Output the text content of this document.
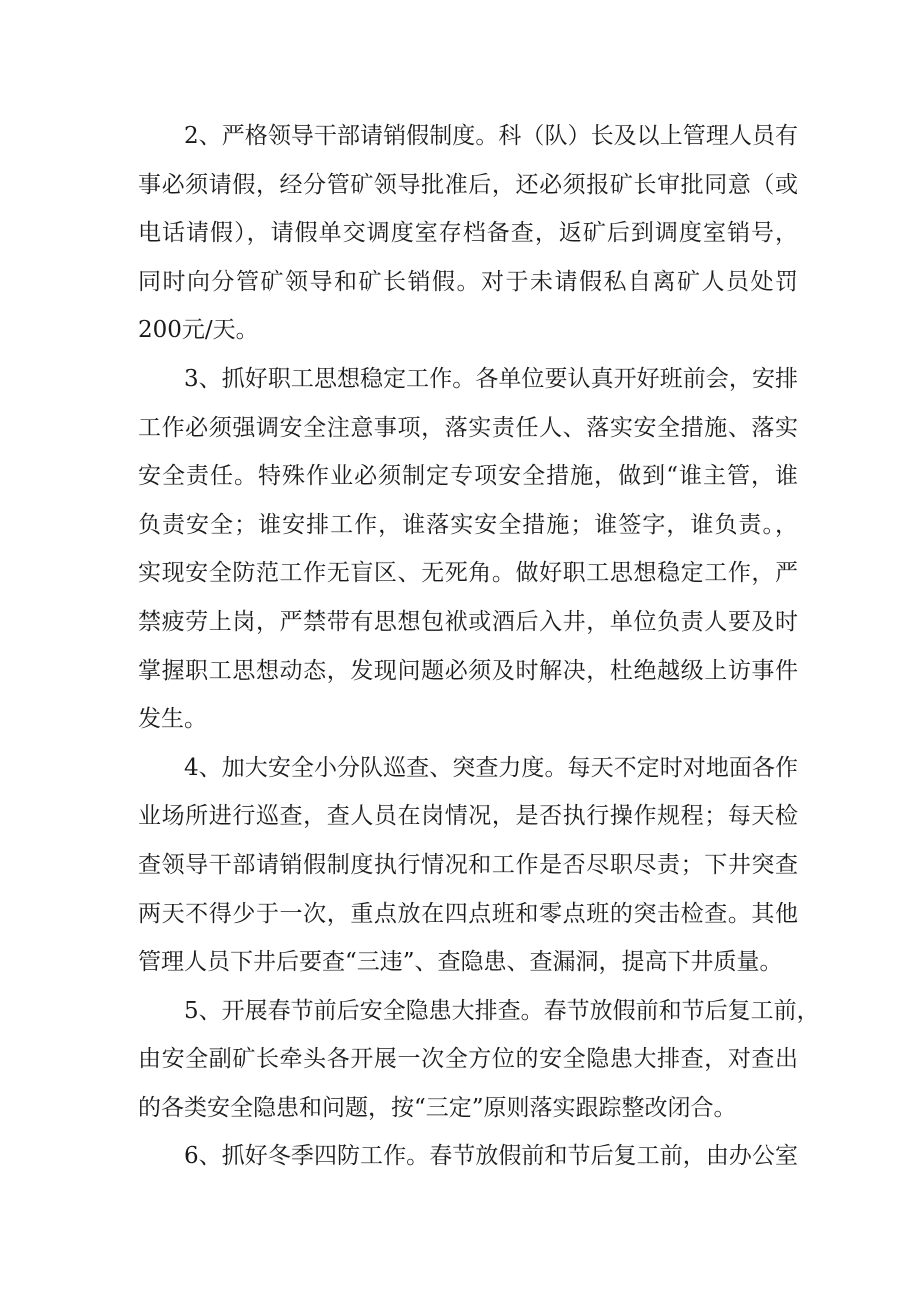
2、严格领导干部请销假制度。科（队）长及以上管理人员有
事必须请假，经分管矿领导批准后，还必须报矿长审批同意（或
电话请假），请假单交调度室存档备查，返矿后到调度室销号，
同时向分管矿领导和矿长销假。对于未请假私自离矿人员处罚
200元/天。
3、抓好职工思想稳定工作。各单位要认真开好班前会，安排
工作必须强调安全注意事项，落实责任人、落实安全措施、落实
安全责任。特殊作业必须制定专项安全措施，做到“谁主管，谁
负责安全；谁安排工作，谁落实安全措施；谁签字，谁负责。，
实现安全防范工作无盲区、无死角。做好职工思想稳定工作，严
禁疲劳上岗，严禁带有思想包袱或酒后入井，单位负责人要及时
掌握职工思想动态，发现问题必须及时解决，杜绝越级上访事件
发生。
4、加大安全小分队巡查、突查力度。每天不定时对地面各作
业场所进行巡查，查人员在岗情况，是否执行操作规程；每天检
查领导干部请销假制度执行情况和工作是否尽职尽责；下井突查
两天不得少于一次，重点放在四点班和零点班的突击检查。其他
管理人员下井后要查“三违”、查隐患、查漏洞，提高下井质量。
5、开展春节前后安全隐患大排查。春节放假前和节后复工前，
由安全副矿长牵头各开展一次全方位的安全隐患大排查，对查出
的各类安全隐患和问题，按“三定”原则落实跟踪整改闭合。
6、抓好冬季四防工作。春节放假前和节后复工前，由办公室
